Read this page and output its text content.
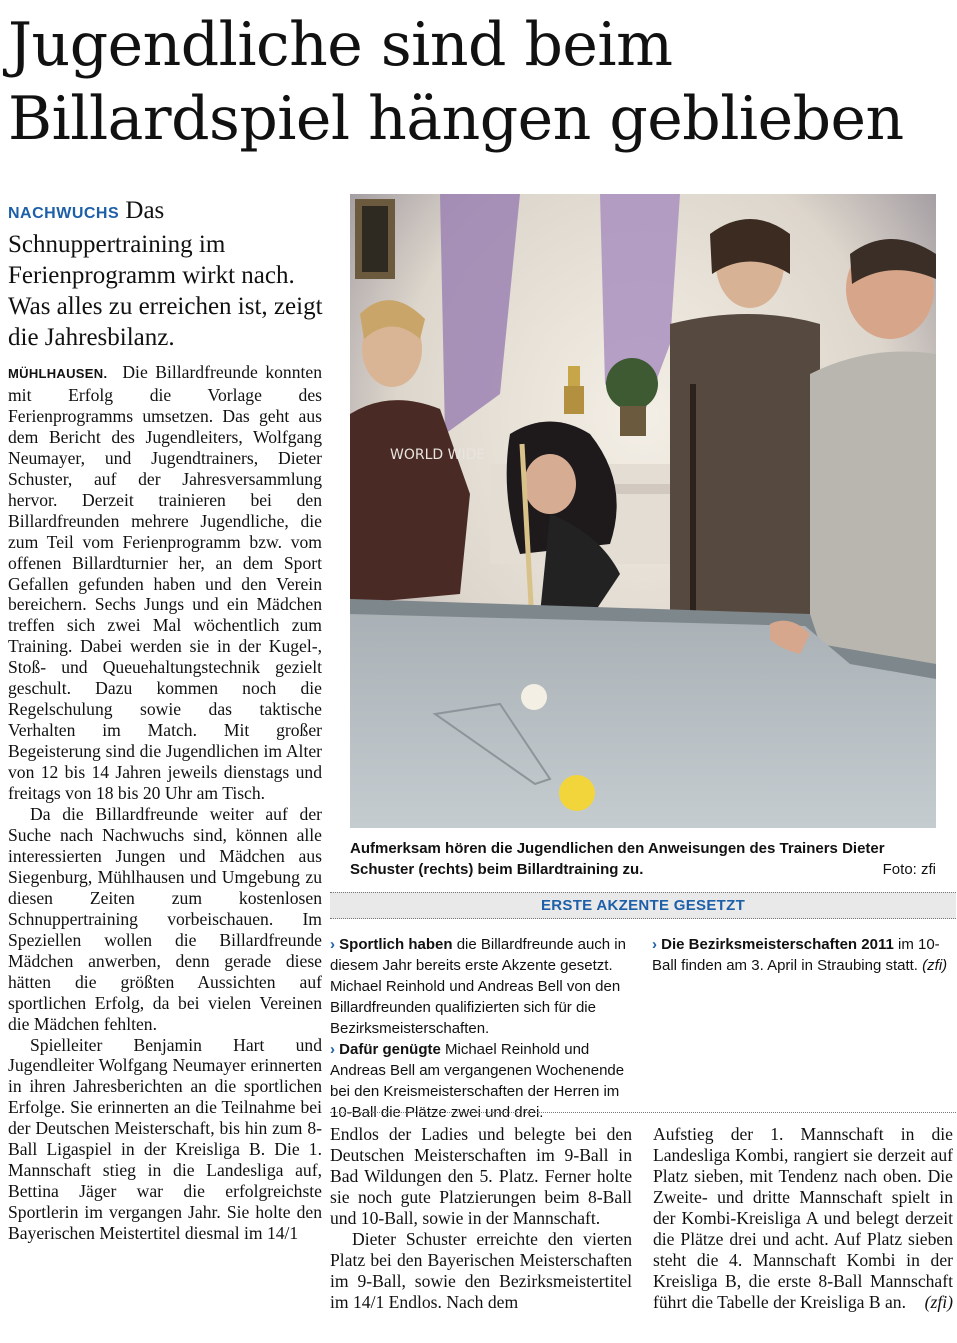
Jugendliche sind beim
Billardspiel hängen geblieben
NACHWUCHS Das Schnuppertraining im Ferienprogramm wirkt nach. Was alles zu erreichen ist, zeigt die Jahresbilanz.

MÜHLHAUSEN. Die Billardfreunde konnten mit Erfolg die Vorlage des Ferienprogramms umsetzen. Das geht aus dem Bericht des Jugendleiters, Wolfgang Neumayer, und Jugendtrainers, Dieter Schuster, auf der Jahresversammlung hervor. Derzeit trainieren bei den Billardfreunden mehrere Jugendliche, die zum Teil vom Ferienprogramm bzw. vom offenen Billardturnier her, an dem Sport Gefallen gefunden haben und den Verein bereichern. Sechs Jungs und ein Mädchen treffen sich zwei Mal wöchentlich zum Training. Dabei werden sie in der Kugel-, Stoß- und Queuehaltungstechnik gezielt geschult. Dazu kommen noch die Regelschulung sowie das taktische Verhalten im Match. Mit großer Begeisterung sind die Jugendlichen im Alter von 12 bis 14 Jahren jeweils dienstags und freitags von 18 bis 20 Uhr am Tisch.

Da die Billardfreunde weiter auf der Suche nach Nachwuchs sind, können alle interessierten Jungen und Mädchen aus Siegenburg, Mühlhausen und Umgebung zu diesen Zeiten zum kostenlosen Schnuppertraining vorbeischauen. Im Speziellen wollen die Billardfreunde Mädchen anwerben, denn gerade diese hätten die größten Aussichten auf sportlichen Erfolg, da bei vielen Vereinen die Mädchen fehlten.

Spielleiter Benjamin Hart und Jugendleiter Wolfgang Neumayer erinnerten in ihren Jahresberichten an die sportlichen Erfolge. Sie erinnerten an die Teilnahme bei der Deutschen Meisterschaft, bis hin zum 8-Ball Ligaspiel in der Kreisliga B. Die 1. Mannschaft stieg in die Landesliga auf, Bettina Jäger war die erfolgreichste Sportlerin im vergangen Jahr. Sie holte den Bayerischen Meistertitel diesmal im 14/1

WORLD WIDE
Aufmerksam hören die Jugendlichen den Anweisungen des Trainers Dieter Schuster (rechts) beim Billardtraining zu.	Foto: zfi
ERSTE AKZENTE GESETZT

› Sportlich haben die Billardfreunde auch in diesem Jahr bereits erste Akzente gesetzt. Michael Reinhold und Andreas Bell von den Billardfreunden qualifizierten sich für die Bezirksmeisterschaften.

› Dafür genügte Michael Reinhold und Andreas Bell am vergangenen Wochenende bei den Kreismeisterschaften der Herren im 10-Ball die Plätze zwei und drei.

› Die Bezirksmeisterschaften 2011 im 10-Ball finden am 3. April in Straubing statt. (zfi)

Endlos der Ladies und belegte bei den Deutschen Meisterschaften im 9-Ball in Bad Wildungen den 5. Platz. Ferner holte sie noch gute Platzierungen beim 8-Ball und 10-Ball, sowie in der Mannschaft.

Dieter Schuster erreichte den vierten Platz bei den Bayerischen Meisterschaften im 9-Ball, sowie den Bezirksmeistertitel im 14/1 Endlos. Nach dem

Aufstieg der 1. Mannschaft in die Landesliga Kombi, rangiert sie derzeit auf Platz sieben, mit Tendenz nach oben. Die Zweite- und dritte Mannschaft spielt in der Kombi-Kreisliga A und belegt derzeit die Plätze drei und acht. Auf Platz sieben steht die 4. Mannschaft Kombi in der Kreisliga B, die erste 8-Ball Mannschaft führt die Tabelle der Kreisliga B an. (zfi)
